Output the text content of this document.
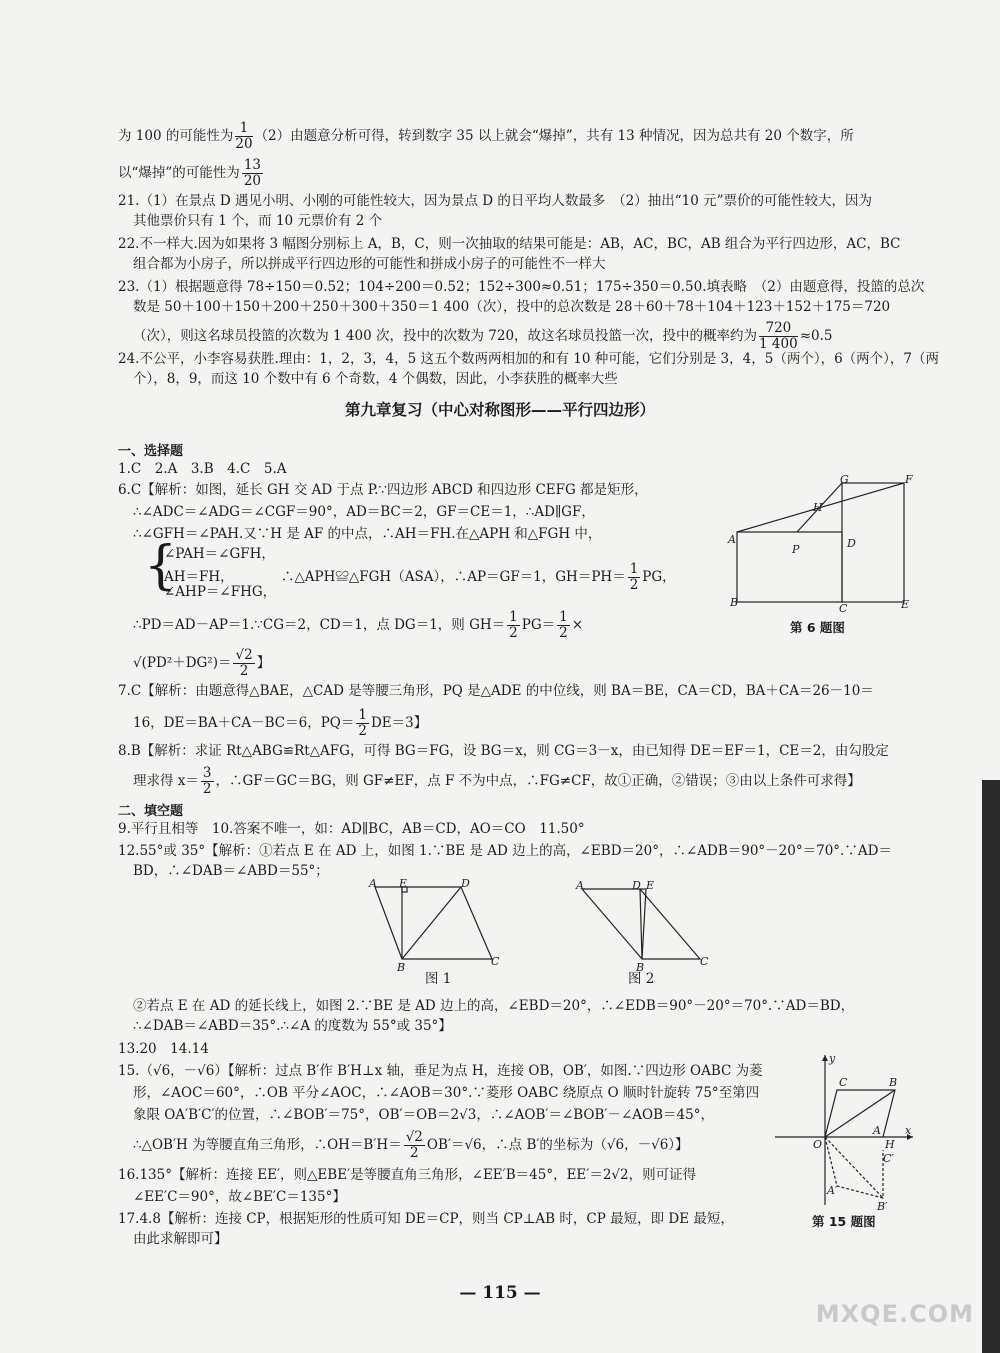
为 100 的可能性为 $\frac{1}{20} (2)$由题意分析可得，转到数字 35 以上就会“爆掉”，共有 13 种情况，因为总共有 20 个数字，所
以“爆掉”的可能性为 $\frac{13}{20}$
21.（1）在景点 D 遇见小明、小刚的可能性较大，因为景点 D 的日平均人数最多　（2）抽出“10 元”票价的可能性较大，因为
其他票价只有 1 个，而 10 元票价有 2 个
22.不一样大.因为如果将 3 幅图分别标上 A，B，C，则一次抽取的结果可能是：AB，AC，BC，AB 组合为平行四边形，AC，BC
组合都为小房子，所以拼成平行四边形的可能性和拼成小房子的可能性不一样大
23.（1）根据题意得 78÷150＝0.52；104÷200＝0.52；152÷300≈0.51；175÷350＝0.50.填表略　（2）由题意得，投篮的总次
数是 50＋100＋150＋200＋250＋300＋350＝1 400（次），投中的总次数是 28＋60＋78＋104＋123＋152＋175＝720
（次），则这名球员投篮的次数为 1 400 次，投中的次数为 720，故这名球员投篮一次，投中的概率约为 $\frac{720}{1 400} \approx 0.5$
24.不公平，小李容易获胜.理由：1，2，3，4，5 这五个数两两相加的和有 10 种可能，它们分别是 3，4，5（两个），6（两个），7（两
个），8，9，而这 10 个数中有 6 个奇数，4 个偶数，因此，小李获胜的概率大些
第九章复习（中心对称图形——平行四边形）
一、选择题
1.C　2.A　3.B　4.C　5.A
6.C【解析：如图，延长 GH 交 AD 于点 P.∵四边形 ABCD 和四边形 CEFG 都是矩形，
∴∠ADC＝∠ADG＝∠CGF＝90°，AD＝BC＝2，GF＝CE＝1，∴AD∥GF，
∴∠GFH＝∠PAH.又∵H 是 AF 的中点，∴AH＝FH.在△APH 和△FGH 中，
{
∠PAH＝∠GFH，
AH＝FH，　　　　∴△APH≌△FGH（ASA），∴AP＝GF＝1，$GH=PH= \frac{1}{2}$ PG，
∠AHP＝∠FHG，
∴PD＝AD－AP＝1.∵CG＝2，CD＝1，点 DG＝1，则 $GH= \frac{1}{2} PG= \frac{1}{2}$ ×
$√(PD^2+DG^2)= \frac{√2}{2}$ 】
G	F
H
A
P	D
B	C	E
第 6 题图
7.C【解析：由题意得△BAE，△CAD 是等腰三角形，PQ 是△ADE 的中位线，则 BA＝BE，CA＝CD，BA＋CA＝26－10＝
16，DE＝BA＋CA－BC＝6，$PQ= \frac{1}{2} DE=3$】
8.B【解析：求证 Rt△ABG≌Rt△AFG，可得 BG＝FG，设 BG＝x，则 CG＝3－x，由已知得 DE＝EF＝1，CE＝2，由勾股定
理求得 $x= \frac{3}{2}$ ，∴GF＝GC＝BG，则 GF≠EF，点 F 不为中点，∴FG≠CF，故①正确，②错误；③由以上条件可求得】
二、填空题
9.平行且相等　10.答案不唯一，如：AD∥BC，AB＝CD，AO＝CO　11.50°
12.55°或 35°【解析：①若点 E 在 AD 上，如图 1.∵BE 是 AD 边上的高，∠EBD＝20°，∴∠ADB＝90°－20°＝70°.∵AD＝
BD，∴∠DAB＝∠ABD＝55°；
A E	D
B	C
图 1
A	D E
B	C
图 2
②若点 E 在 AD 的延长线上，如图 2.∵BE 是 AD 边上的高，∠EBD＝20°，∴∠EDB＝90°－20°＝70°.∵AD＝BD，
∴∠DAB＝∠ABD＝35°.∴∠A 的度数为 55°或 35°】
13.20　14.14
15.（√6，－√6）【解析：过点 B′作 B′H⊥x 轴，垂足为点 H，连接 OB，OB′，如图.∵四边形 OABC 为菱
形，∠AOC＝60°，∴OB 平分∠AOC，∴∠AOB＝30°.∵菱形 OABC 绕原点 O 顺时针旋转 75°至第四
象限 OA′B′C′的位置，∴∠BOB′＝75°，OB′＝OB＝2√3，∴∠AOB′＝∠BOB′－∠AOB＝45°，
∴△OB′H 为等腰直角三角形，∴OH＝B′H＝ $\frac{√2}{2} OB'=√6$，∴点 B′的坐标为（√6，－√6）】
y
C	B
O
A x
H
A′
B′
C′
16.135°【解析：连接 EE′，则△EBE′是等腰直角三角形，∠EE′B＝45°，EE′＝2√2，则可证得
∠EE′C＝90°，故∠BE′C＝135°】
17.4.8【解析：连接 CP，根据矩形的性质可知 DE＝CP，则当 CP⊥AB 时，CP 最短，即 DE 最短，
由此求解即可】
第 15 题图
— 115 —
MXQE.COM
